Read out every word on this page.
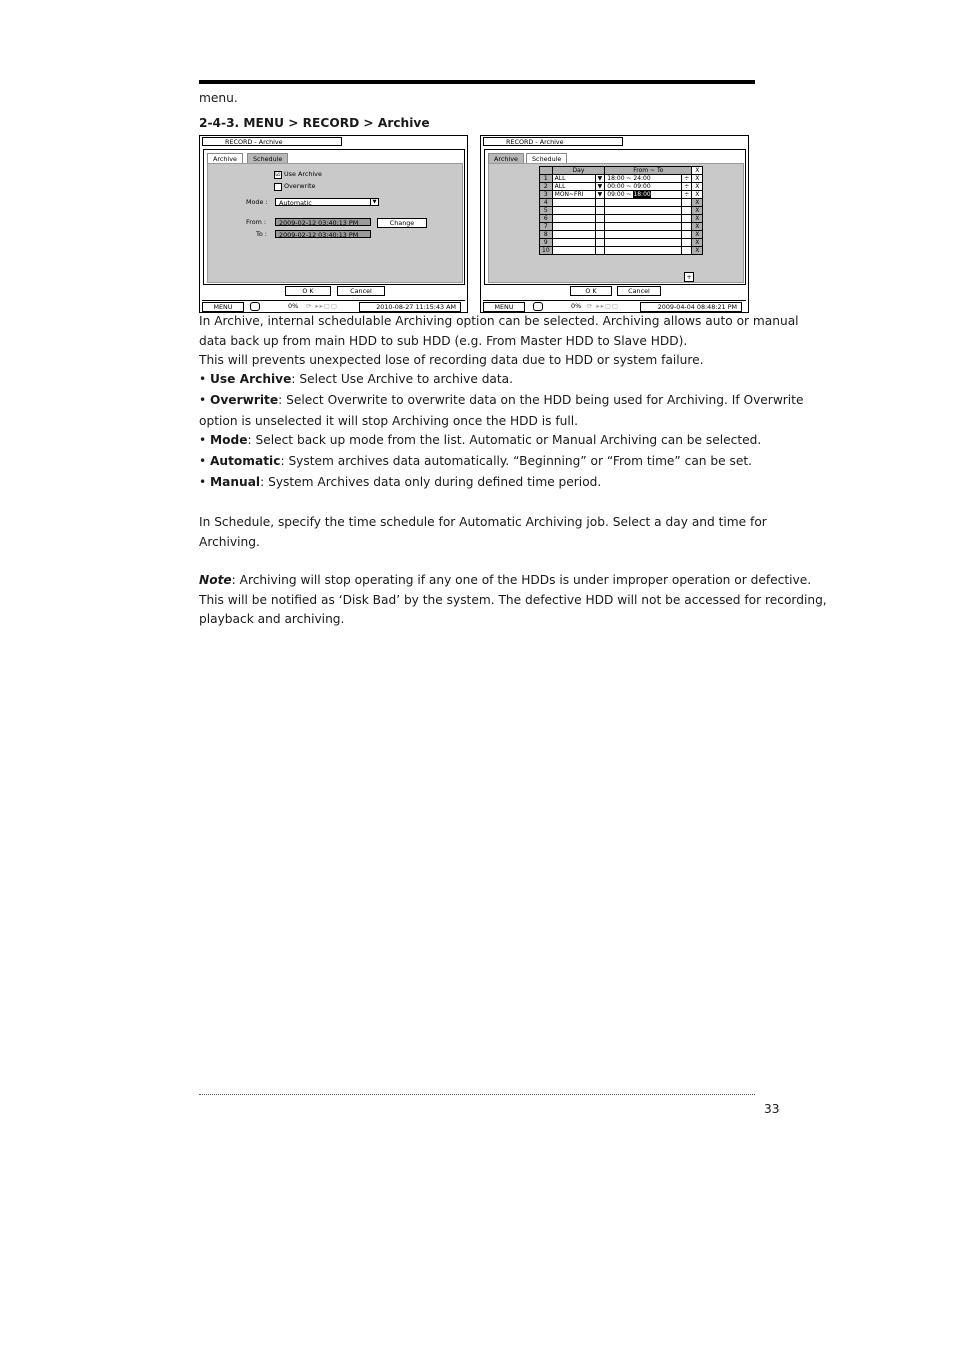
menu.
2-4-3. MENU > RECORD > Archive
RECORD - Archive
Archive	Schedule
☑ Use Archive
Overwrite
Mode :	Automatic	▼
From :	2009-02-12 03:40:13 PM	Change
To :	2009-02-12 03:40:13 PM
O K	Cancel
MENU	0% ⟳ ▸▸▢▢	2010-08-27 11:15:43 AM
RECORD - Archive
Archive	Schedule
	Day		From ~ To		X
1	ALL	▼	18:00 ~ 24:00	÷	X
2	ALL	▼	00:00 ~ 09:00	÷	X
3	MON~FRI	▼	09:00 ~ 18:00	÷	X
4					X
5					X
6					X
7					X
8					X
9					X
10					X
+
O K	Cancel
MENU	0% ⟳ ▸▸▢▢	2009-04-04 08:48:21 PM
In Archive, internal schedulable Archiving option can be selected. Archiving allows auto or manual
data back up from main HDD to sub HDD (e.g. From Master HDD to Slave HDD).
This will prevents unexpected lose of recording data due to HDD or system failure.
• Use Archive: Select Use Archive to archive data.
• Overwrite: Select Overwrite to overwrite data on the HDD being used for Archiving. If Overwrite
option is unselected it will stop Archiving once the HDD is full.
• Mode: Select back up mode from the list. Automatic or Manual Archiving can be selected.
• Automatic: System archives data automatically. “Beginning” or “From time” can be set.
• Manual: System Archives data only during defined time period.
In Schedule, specify the time schedule for Automatic Archiving job. Select a day and time for
Archiving.
Note: Archiving will stop operating if any one of the HDDs is under improper operation or defective.
This will be notified as ‘Disk Bad’ by the system. The defective HDD will not be accessed for recording,
playback and archiving.
33
